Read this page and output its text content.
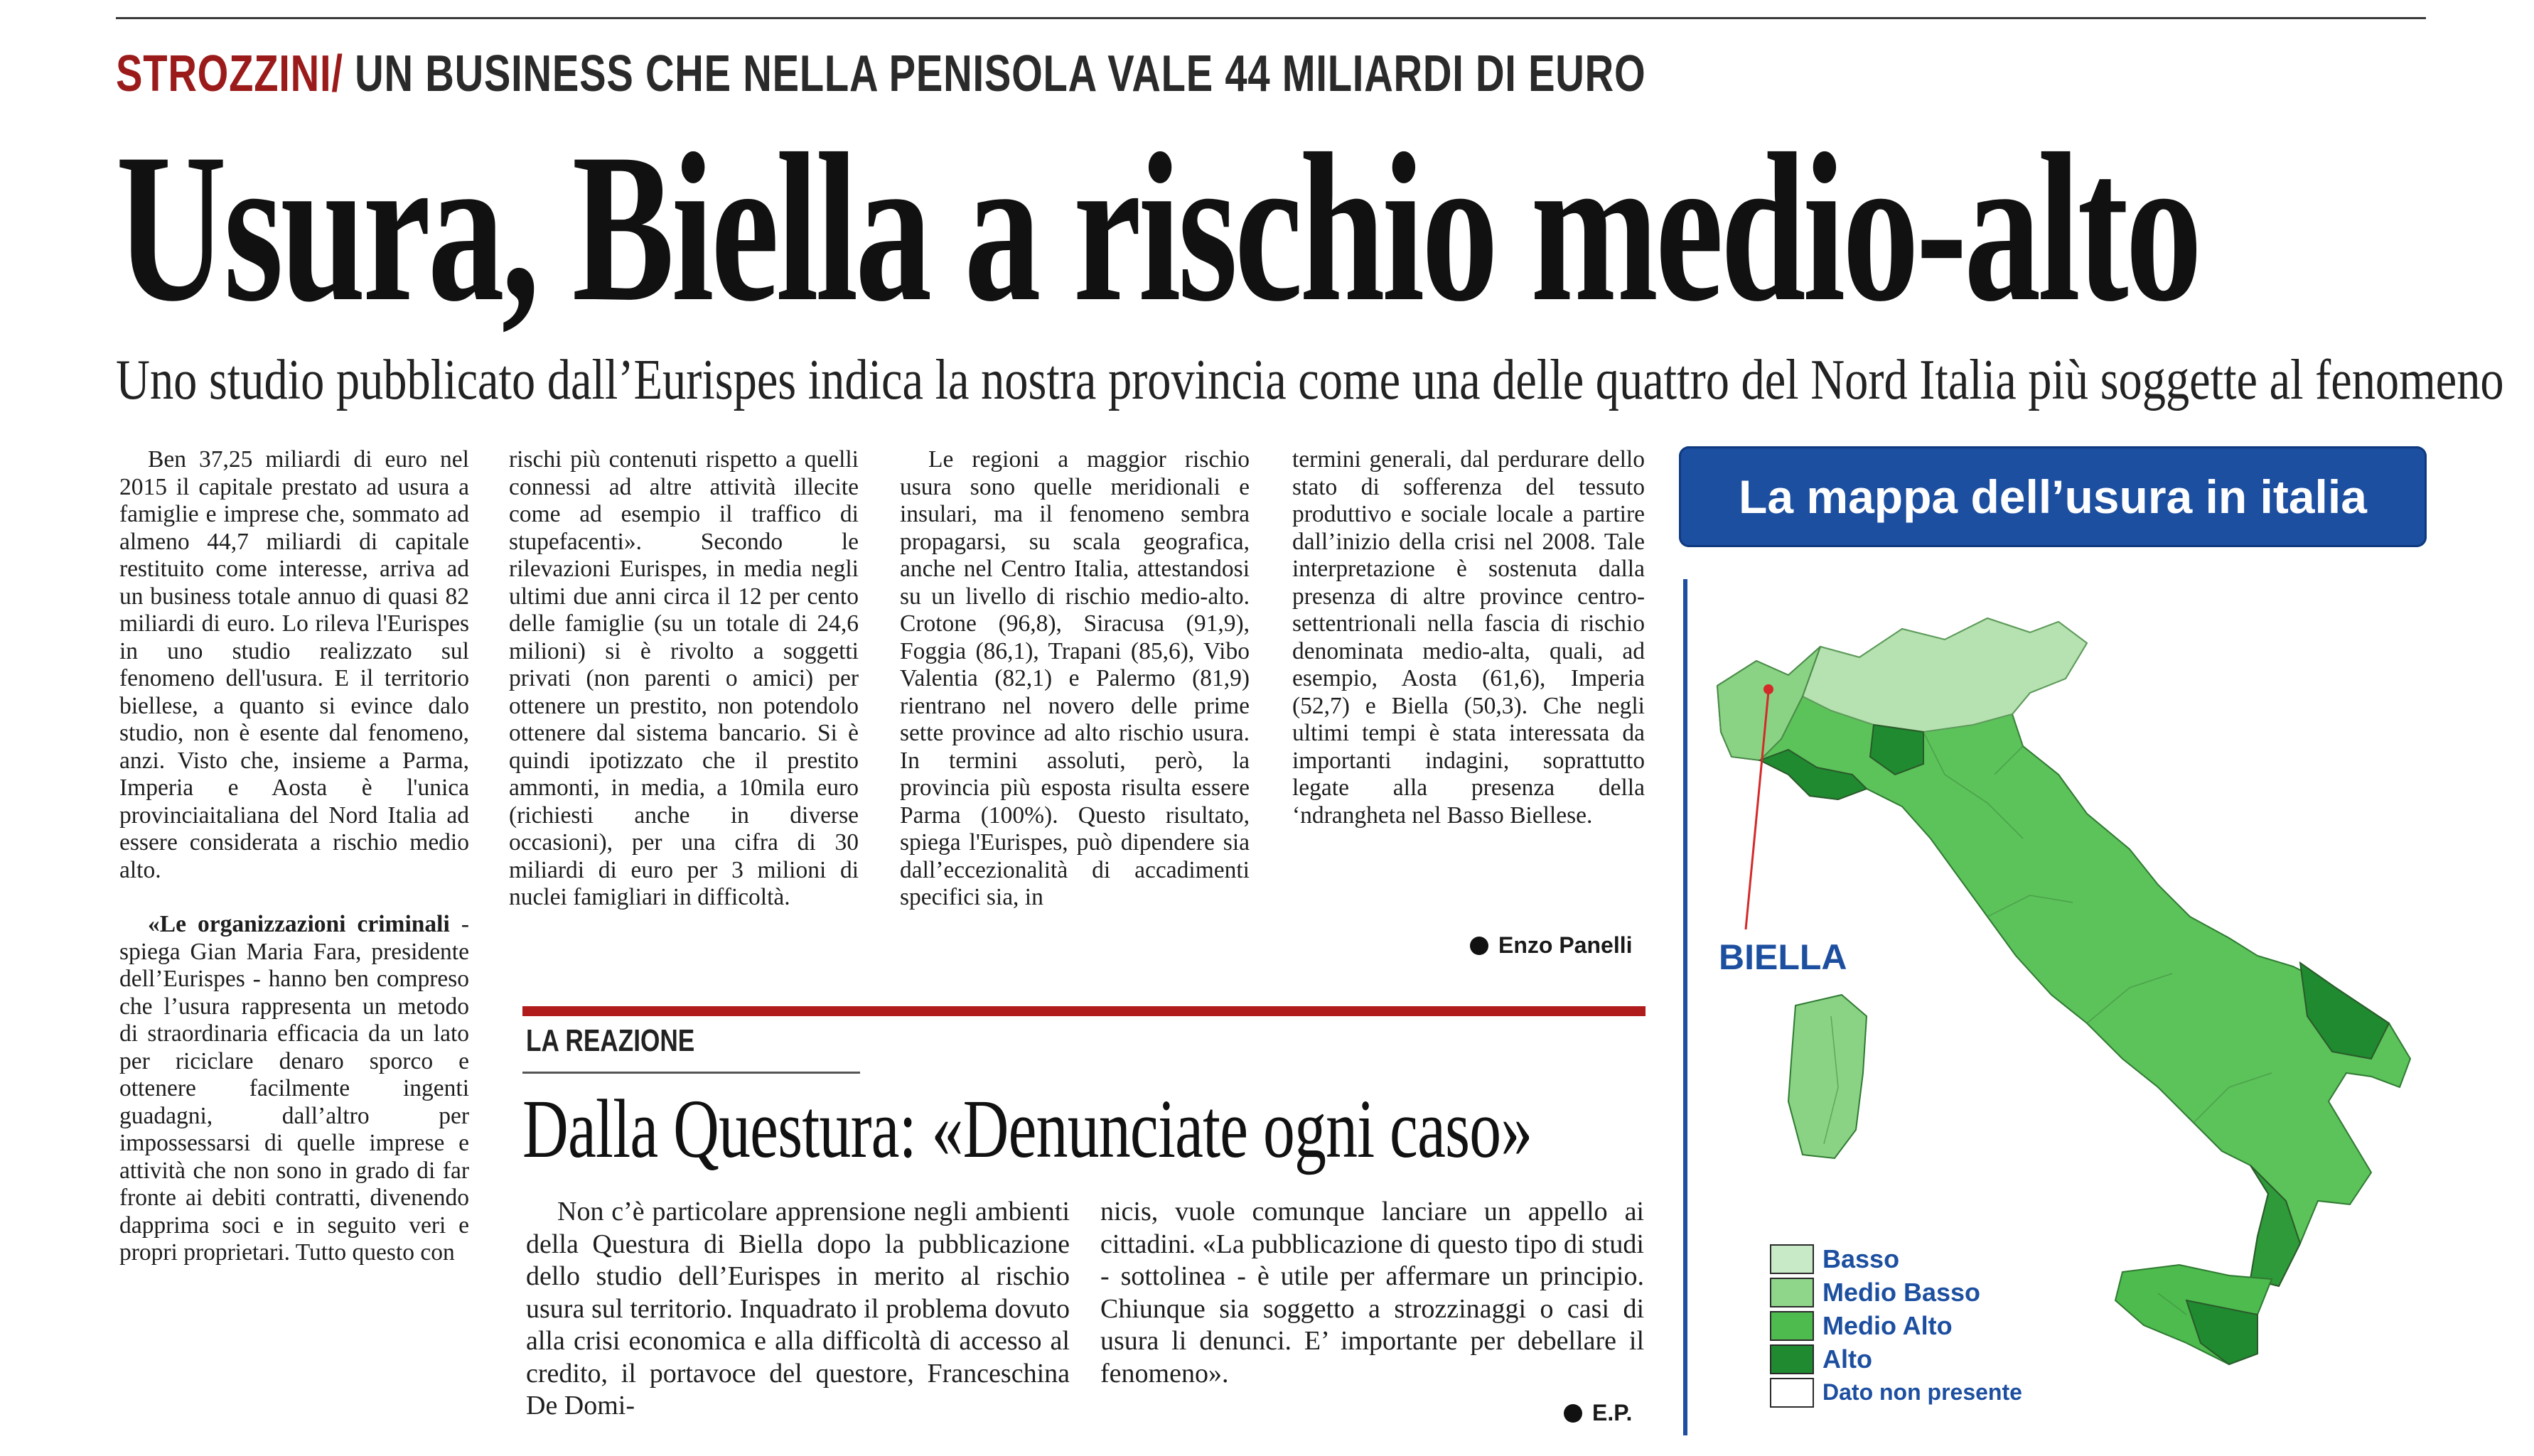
STROZZINI/ UN BUSINESS CHE NELLA PENISOLA VALE 44 MILIARDI DI EURO
Usura, Biella a rischio medio-alto
Uno studio pubblicato dall’Eurispes indica la nostra provincia come una delle quattro del Nord Italia più soggette al fenomeno

Ben 37,25 miliardi di euro nel 2015 il capitale prestato ad usura a famiglie e imprese che, sommato ad almeno 44,7 miliardi di capitale restituito come interesse, arriva ad un business totale annuo di quasi 82 miliardi di euro. Lo rileva l'Eurispes in uno studio realizzato sul fenomeno dell'usura. E il territorio biellese, a quanto si evince dalo studio, non è esente dal fenomeno, anzi. Visto che, insieme a Parma, Imperia e Aosta è l'unica provinciaitaliana del Nord Italia ad essere considerata a rischio medio alto.

«Le organizzazioni criminali - spiega Gian Maria Fara, presidente dell’Eurispes - hanno ben compreso che l’usura rappresenta un metodo di straordinaria efficacia da un lato per riciclare denaro sporco e ottenere facilmente ingenti guadagni, dall’altro per impossessarsi di quelle imprese e attività che non sono in grado di far fronte ai debiti contratti, divenendo dapprima soci e in seguito veri e propri proprietari. Tutto questo con

rischi più contenuti rispetto a quelli connessi ad altre attività illecite come ad esempio il traffico di stupefacenti». Secondo le rilevazioni Eurispes, in media negli ultimi due anni circa il 12 per cento delle famiglie (su un totale di 24,6 milioni) si è rivolto a soggetti privati (non parenti o amici) per ottenere un prestito, non potendolo ottenere dal sistema bancario. Si è quindi ipotizzato che il prestito ammonti, in media, a 10mila euro (richiesti anche in diverse occasioni), per una cifra di 30 miliardi di euro per 3 milioni di nuclei famigliari in difficoltà.

Le regioni a maggior rischio usura sono quelle meridionali e insulari, ma il fenomeno sembra propagarsi, su scala geografica, anche nel Centro Italia, attestandosi su un livello di rischio medio-alto. Crotone (96,8), Siracusa (91,9), Foggia (86,1), Trapani (85,6), Vibo Valentia (82,1) e Palermo (81,9) rientrano nel novero delle prime sette province ad alto rischio usura. In termini assoluti, però, la provincia più esposta risulta essere Parma (100%). Questo risultato, spiega l'Eurispes, può dipendere sia dall’eccezionalità di accadimenti specifici sia, in

termini generali, dal perdurare dello stato di sofferenza del tessuto produttivo e sociale locale a partire dall’inizio della crisi nel 2008. Tale interpretazione è sostenuta dalla presenza di altre province centro-settentrionali nella fascia di rischio denominata medio-alta, quali, ad esempio, Aosta (61,6), Imperia (52,7) e Biella (50,3). Che negli ultimi tempi è stata interessata da importanti indagini, soprattutto legate alla presenza della ‘ndrangheta nel Basso Biellese.

Enzo Panelli
LA REAZIONE
Dalla Questura: «Denunciate ogni caso»

Non c’è particolare apprensione negli ambienti della Questura di Biella dopo la pubblicazione dello studio dell’Eurispes in merito al rischio usura sul territorio. Inquadrato il problema dovuto alla crisi economica e alla difficoltà di accesso al credito, il portavoce del questore, Franceschina De Domi-

nicis, vuole comunque lanciare un appello ai cittadini. «La pubblicazione di questo tipo di studi - sottolinea - è utile per affermare un principio. Chiunque sia soggetto a strozzinaggi o casi di usura li denunci. E’ importante per debellare il fenomeno».

E.P.
La mappa dell’usura in italia
BIELLA
Basso
Medio Basso
Medio Alto
Alto
Dato non presente
